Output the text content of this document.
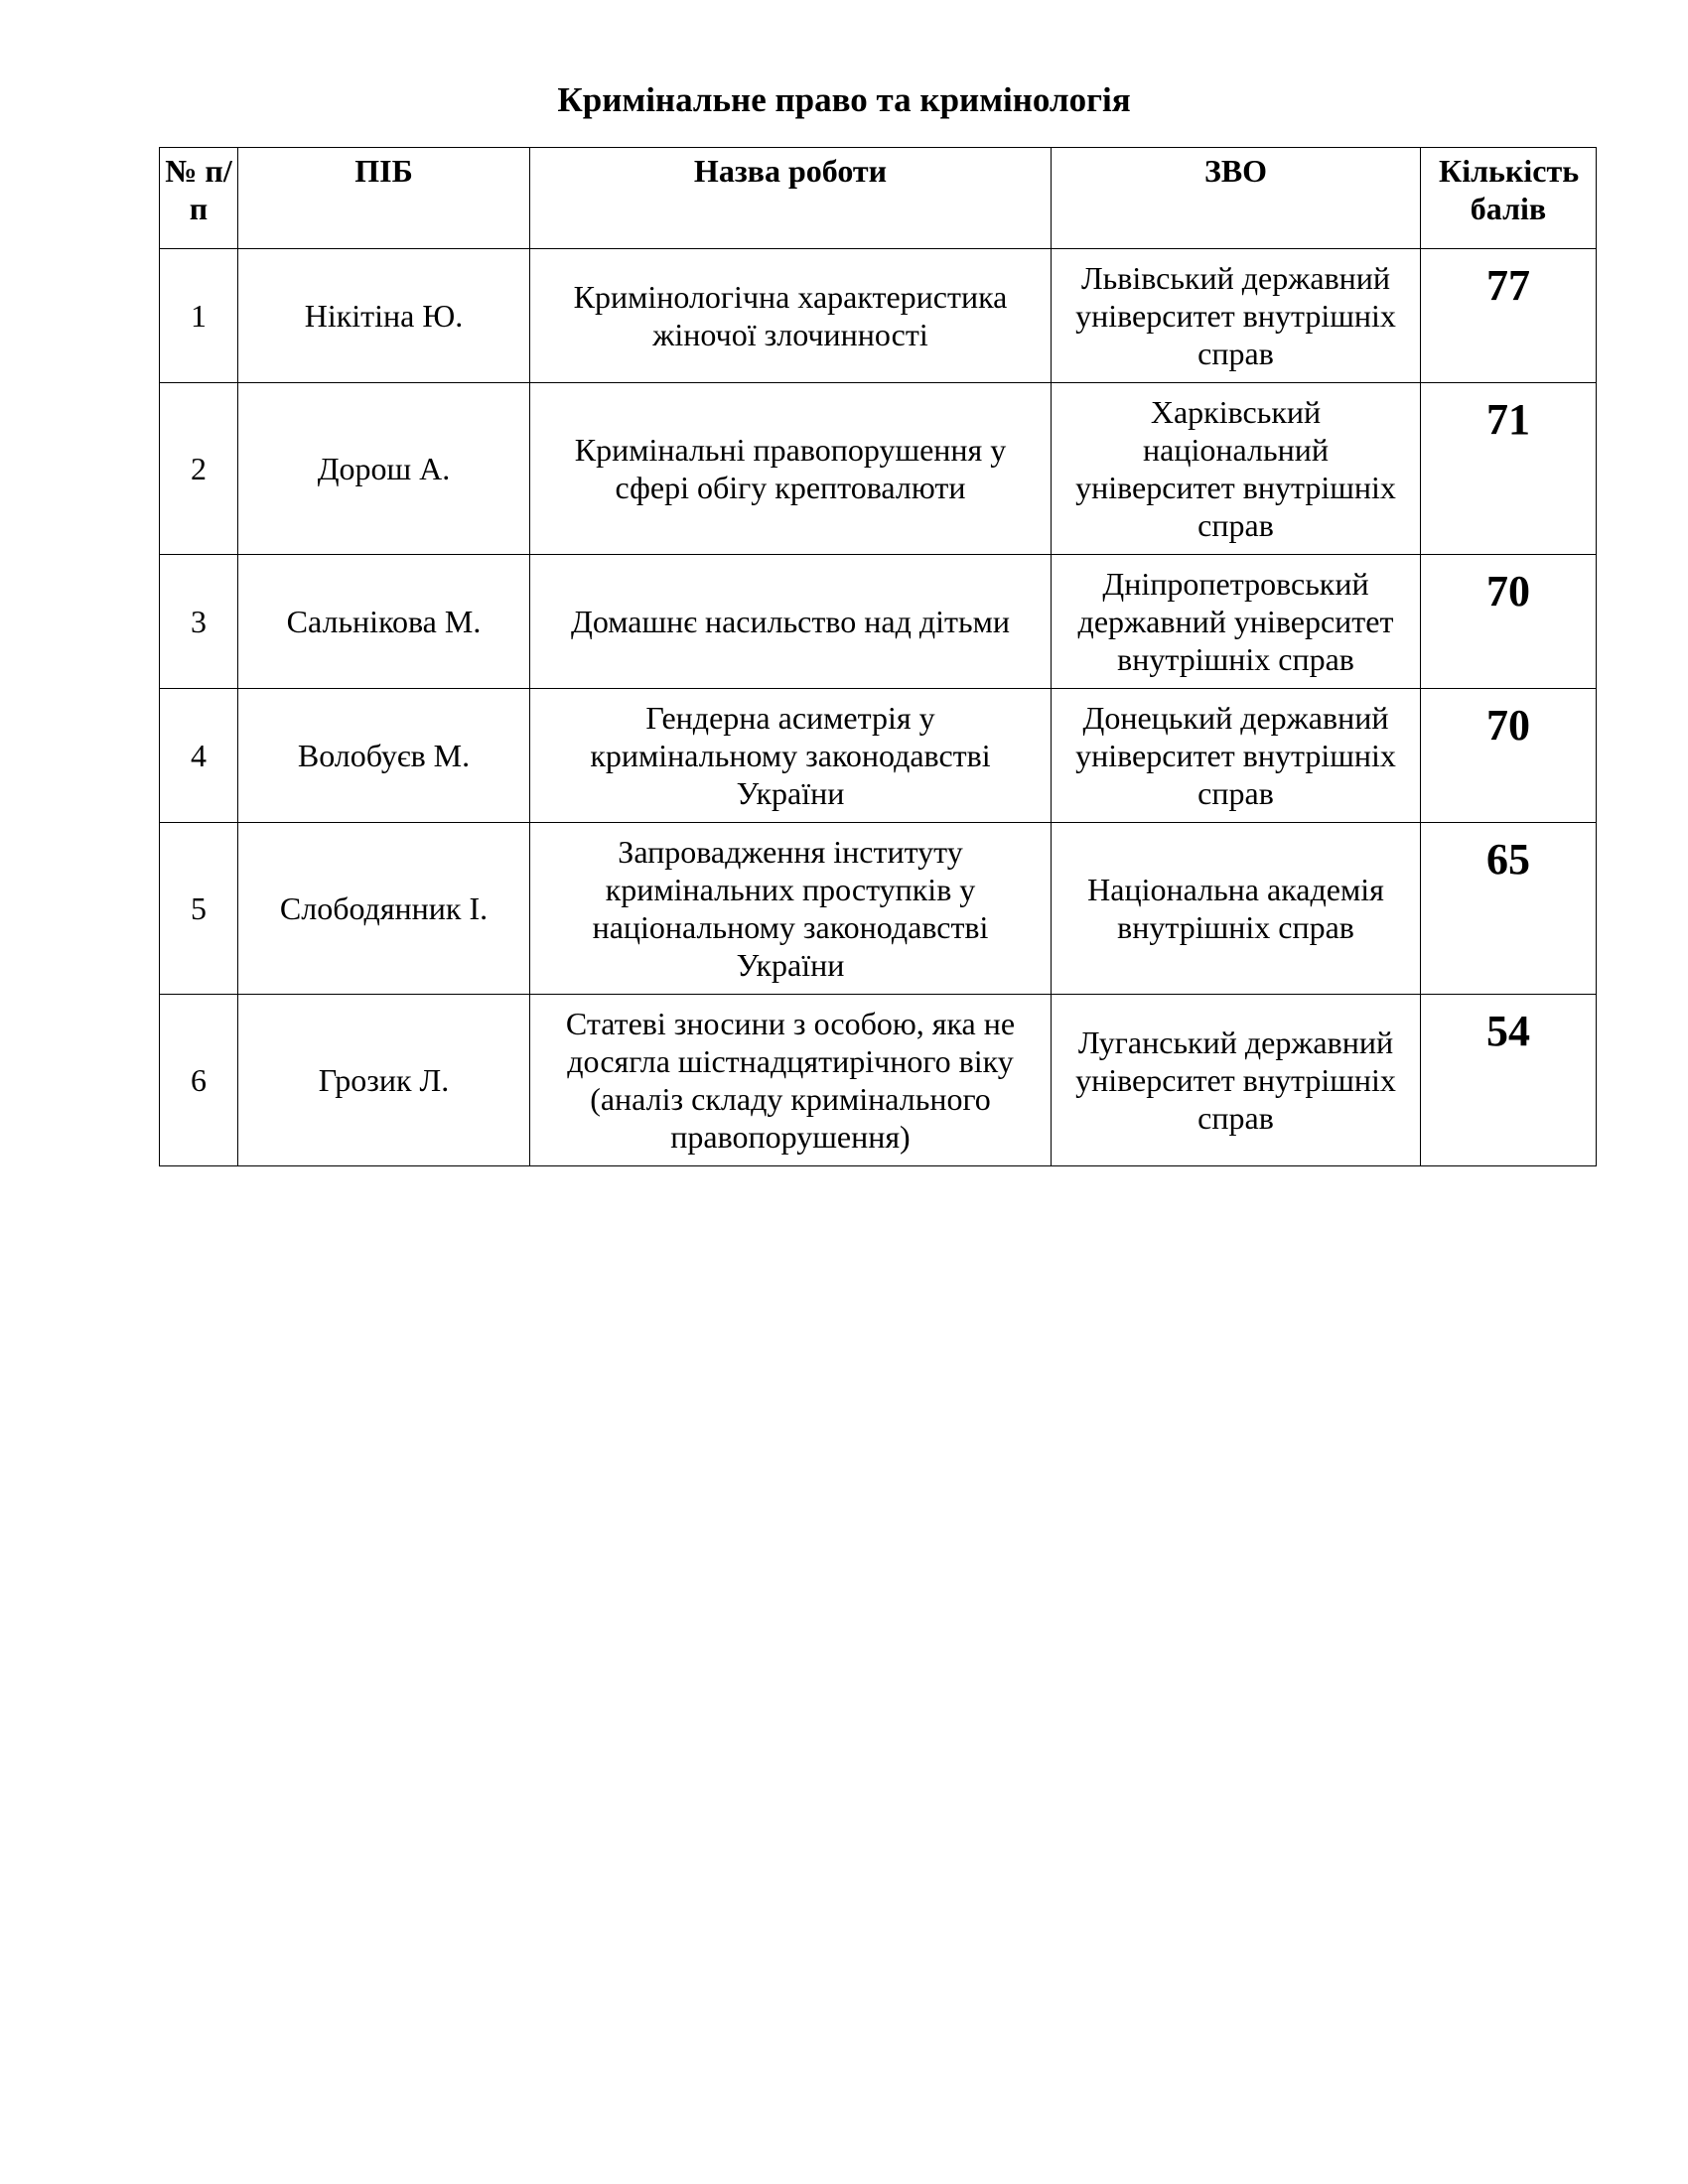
Кримінальне право та кримінологія
№ п/п	ПІБ	Назва роботи	ЗВО	Кількість балів
1	Нікітіна Ю.	Кримінологічна характеристика жіночої злочинності	Львівський державний університет внутрішніх справ	77
2	Дорош А.	Кримінальні правопорушення у сфері обігу крептовалюти	Харківський національний університет внутрішніх справ	71
3	Сальнікова М.	Домашнє насильство над дітьми	Дніпропетровський державний університет внутрішніх справ	70
4	Волобуєв М.	Гендерна асиметрія у кримінальному законодавстві України	Донецький державний університет внутрішніх справ	70
5	Слободянник І.	Запровадження інституту кримінальних проступків у національному законодавстві України	Національна академія внутрішніх справ	65
6	Грозик Л.	Статеві зносини з особою, яка не досягла шістнадцятирічного віку (аналіз складу кримінального правопорушення)	Луганський державний університет внутрішніх справ	54
